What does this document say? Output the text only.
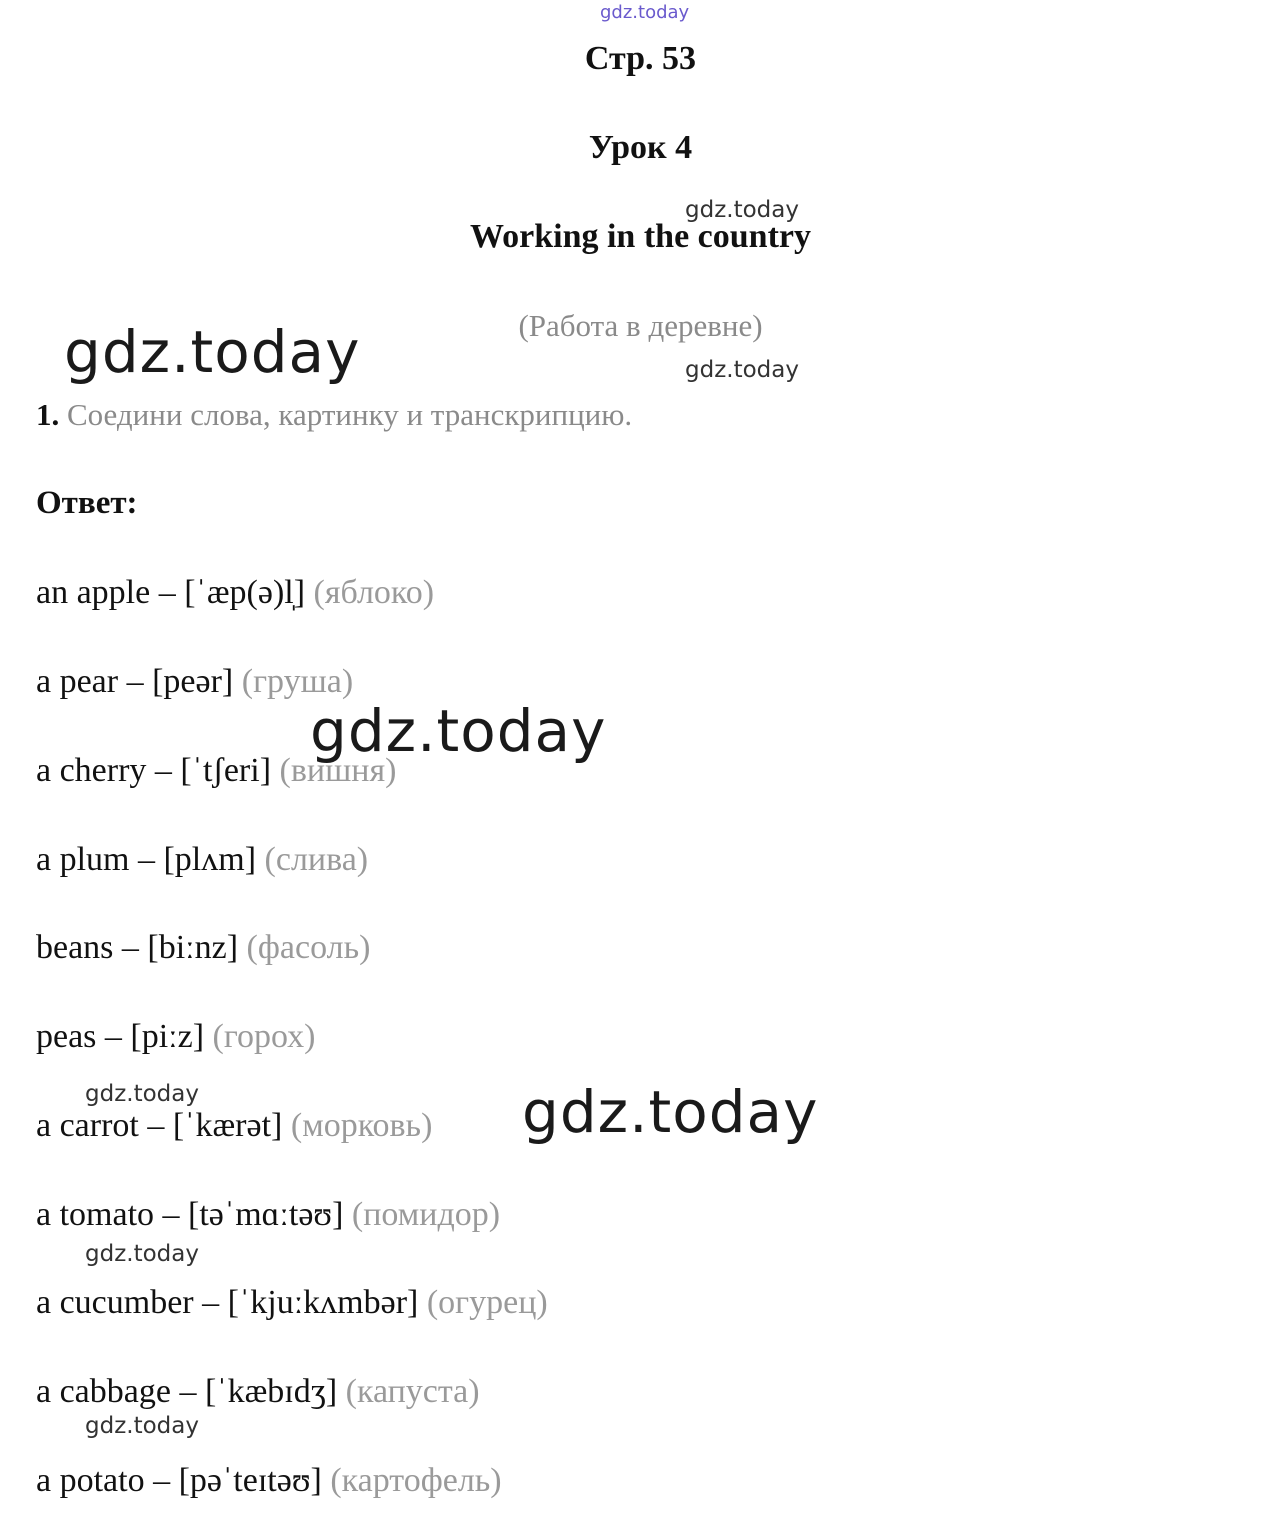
gdz.today
gdz.today
gdz.today	gdz.today
gdz.today
gdz.today	gdz.today
gdz.today
gdz.today
Стр. 53
Урок 4
Working in the country
(Работа в деревне)
1. Соедини слова, картинку и транскрипцию.
Ответ:
an apple – [ˈæp(ə)l̩] (яблоко)
a pear – [peər] (груша)
a cherry – [ˈtʃeri] (вишня)
a plum – [plʌm] (слива)
beans – [biːnz] (фасоль)
peas – [piːz] (горох)
a carrot – [ˈkærət] (морковь)
a tomato – [təˈmɑːtəʊ] (помидор)
a cucumber – [ˈkjuːkʌmbər] (огурец)
a cabbage – [ˈkæbɪdʒ] (капуста)
a potato – [pəˈteɪtəʊ] (картофель)
